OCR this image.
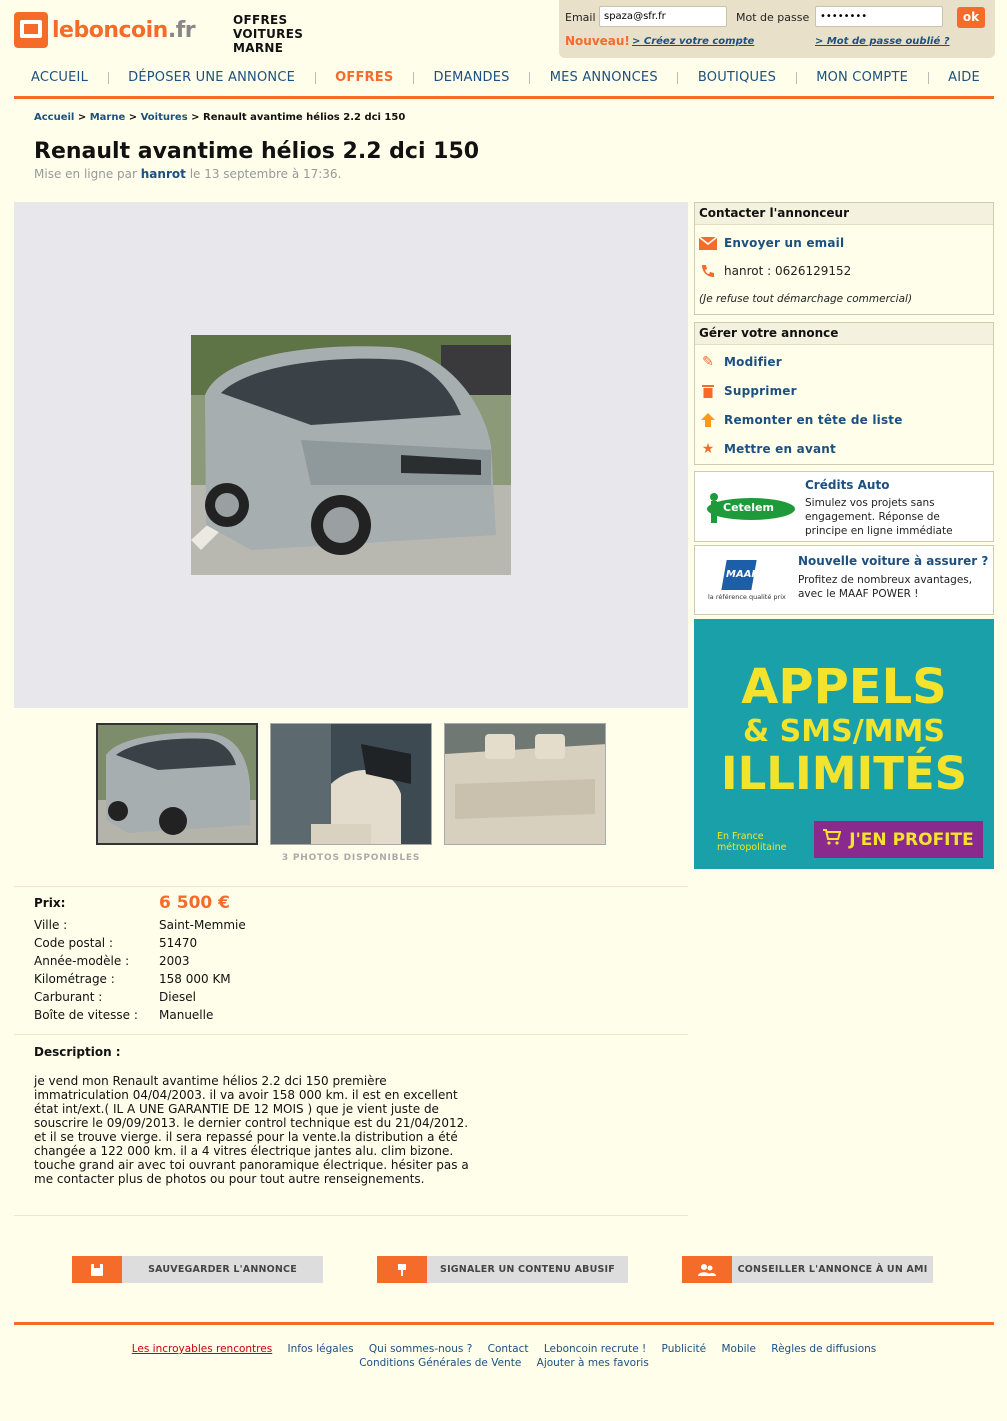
leboncoin.fr	OFFRES
VOITURES
MARNE
Email
spaza@sfr.fr	Mot de passe
••••••••	ok
Nouveau! > Créez votre compte	> Mot de passe oublié ?
ACCUEIL	DÉPOSER UNE ANNONCE	OFFRES	DEMANDES	MES ANNONCES	BOUTIQUES	MON COMPTE	AIDE
Accueil > Marne > Voitures > Renault avantime hélios 2.2 dci 150
Renault avantime hélios 2.2 dci 150
Mise en ligne par hanrot le 13 septembre à 17:36.
3 PHOTOS DISPONIBLES
Prix:	6 500 €
Ville :	Saint-Memmie
Code postal :	51470
Année-modèle : 2003
Kilométrage :	158 000 KM
Carburant :	Diesel
Boîte de vitesse : Manuelle
Description :
je vend mon Renault avantime hélios 2.2 dci 150 première immatriculation 04/04/2003. il va avoir 158 000 km. il est en excellent état int/ext.( IL A UNE GARANTIE DE 12 MOIS ) que je vient juste de souscrire le 09/09/2013. le dernier control technique est du 21/04/2012. et il se trouve vierge. il sera repassé pour la vente.la distribution a été changée a 122 000 km. il a 4 vitres électrique jantes alu. clim bizone. touche grand air avec toi ouvrant panoramique électrique. hésiter pas a me contacter plus de photos ou pour tout autre renseignements.
SAUVEGARDER L'ANNONCE	SIGNALER UN CONTENU ABUSIF	CONSEILLER L'ANNONCE À UN AMI
Les incroyables rencontres Infos légales Qui sommes-nous ? Contact Leboncoin recrute ! Publicité Mobile Règles de diffusions
Conditions Générales de Vente Ajouter à mes favoris
Contacter l'annonceur
Envoyer un email
hanrot : 0626129152
(Je refuse tout démarchage commercial)
Gérer votre annonce
✎ Modifier
Supprimer
Remonter en tête de liste
★ Mettre en avant
Cetelem
Crédits Auto
Simulez vos projets sans engagement. Réponse de principe en ligne immédiate
MAAF
la référence qualité prix
Nouvelle voiture à assurer ?
Profitez de nombreux avantages, avec le MAAF POWER !
APPELS
& SMS/MMS
ILLIMITÉS
En France
métropolitaine	J'EN PROFITE
